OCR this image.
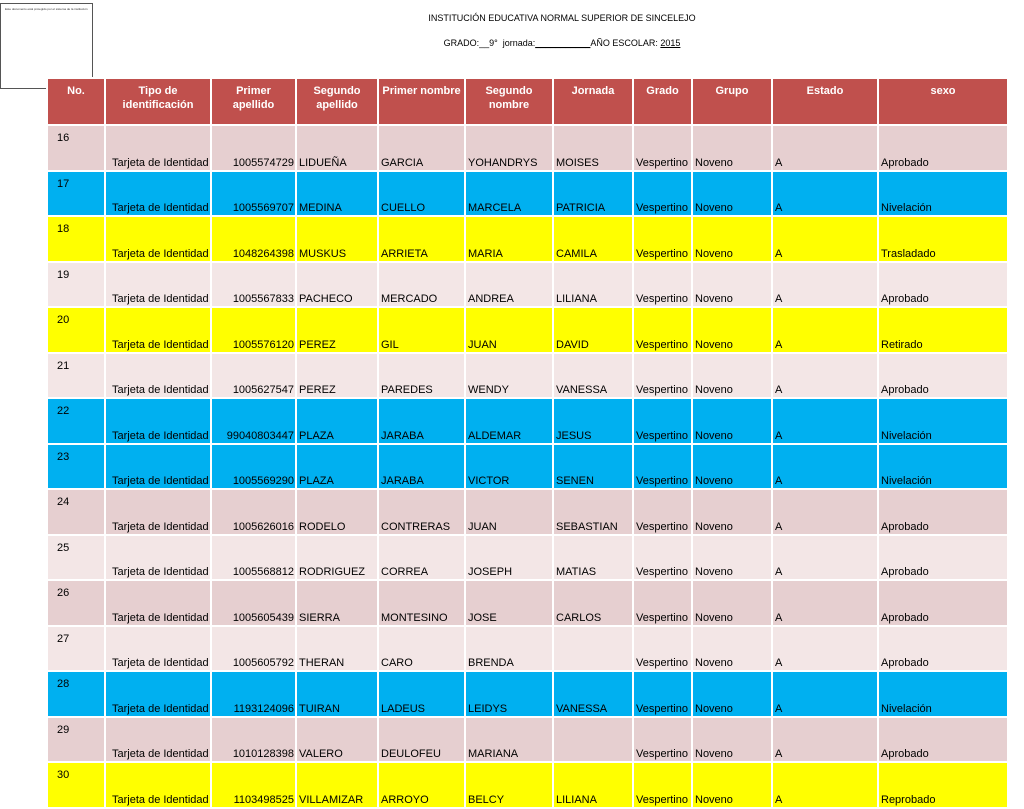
Este documento está protegido por el sistema de la institución
INSTITUCIÓN EDUCATIVA NORMAL SUPERIOR DE SINCELEJO
GRADO:__9° jornada:___________AÑO ESCOLAR: 2015
No.	Tipo de identificación	Primer apellido	Segundo apellido	Primer nombre	Segundo nombre	Jornada	Grado	Grupo	Estado	sexo
16	Tarjeta de Identidad	1005574729	LIDUEÑA	GARCIA	YOHANDRYS	MOISES	Vespertino	Noveno	A	Aprobado
17	Tarjeta de Identidad	1005569707	MEDINA	CUELLO	MARCELA	PATRICIA	Vespertino	Noveno	A	Nivelación
18	Tarjeta de Identidad	1048264398	MUSKUS	ARRIETA	MARIA	CAMILA	Vespertino	Noveno	A	Trasladado
19	Tarjeta de Identidad	1005567833	PACHECO	MERCADO	ANDREA	LILIANA	Vespertino	Noveno	A	Aprobado
20	Tarjeta de Identidad	1005576120	PEREZ	GIL	JUAN	DAVID	Vespertino	Noveno	A	Retirado
21	Tarjeta de Identidad	1005627547	PEREZ	PAREDES	WENDY	VANESSA	Vespertino	Noveno	A	Aprobado
22	Tarjeta de Identidad	99040803447	PLAZA	JARABA	ALDEMAR	JESUS	Vespertino	Noveno	A	Nivelación
23	Tarjeta de Identidad	1005569290	PLAZA	JARABA	VICTOR	SENEN	Vespertino	Noveno	A	Nivelación
24	Tarjeta de Identidad	1005626016	RODELO	CONTRERAS	JUAN	SEBASTIAN	Vespertino	Noveno	A	Aprobado
25	Tarjeta de Identidad	1005568812	RODRIGUEZ	CORREA	JOSEPH	MATIAS	Vespertino	Noveno	A	Aprobado
26	Tarjeta de Identidad	1005605439	SIERRA	MONTESINO	JOSE	CARLOS	Vespertino	Noveno	A	Aprobado
27	Tarjeta de Identidad	1005605792	THERAN	CARO	BRENDA		Vespertino	Noveno	A	Aprobado
28	Tarjeta de Identidad	1193124096	TUIRAN	LADEUS	LEIDYS	VANESSA	Vespertino	Noveno	A	Nivelación
29	Tarjeta de Identidad	1010128398	VALERO	DEULOFEU	MARIANA		Vespertino	Noveno	A	Aprobado
30	Tarjeta de Identidad	1103498525	VILLAMIZAR	ARROYO	BELCY	LILIANA	Vespertino	Noveno	A	Reprobado
